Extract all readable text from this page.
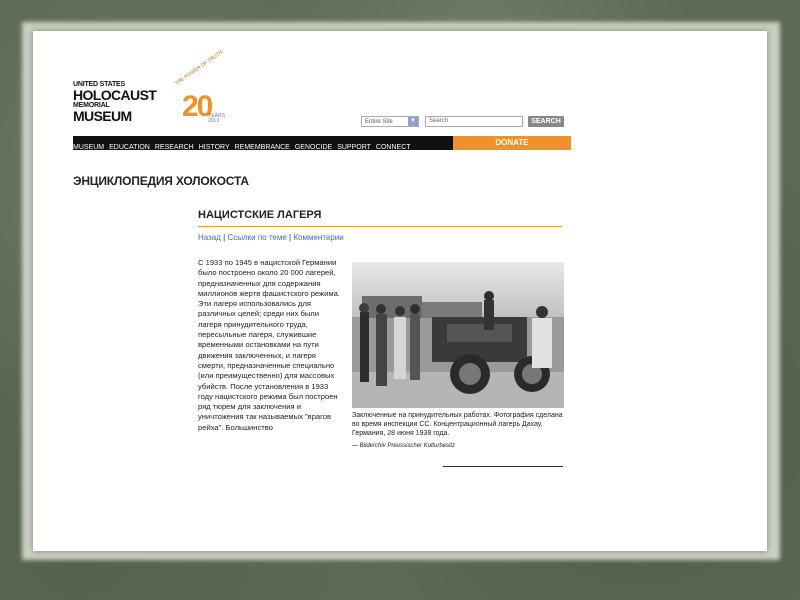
UNITED STATES
HOLOCAUST
MEMORIAL
MUSEUM
THE POWER OF TRUTH
20
YEARS
2013	Entire Site	▼	Search	SEARCH
MUSEUM EDUCATION RESEARCH HISTORY REMEMBRANCE GENOCIDE SUPPORT CONNECT
DONATE
ЭНЦИКЛОПЕДИЯ ХОЛОКОСТА
НАЦИСТСКИЕ ЛАГЕРЯ
Назад | Ссылки по теме | Комментарии
С 1933 по 1945 в нацистской Германии было построено около 20 000 лагерей, предназначенных для содержания миллионов жертв фашистского режима. Эти лагеря использовались для различных целей; среди них были лагеря принудительного труда, пересыльные лагеря, служившие временными остановками на пути движения заключенных, и лагеря смерти, предназначенные специально (или преимущественно) для массовых убийств. После установления в 1933 году нацистского режима был построен ряд тюрем для заключения и уничтожения так называемых "врагов рейха". Большинство
Заключенные на принудительных работах. Фотография сделана во время инспекции СС. Концентрационный лагерь Дахау, Германия, 28 июня 1938 года.
— Bilderchiv Preussischer Kulturbesitz
